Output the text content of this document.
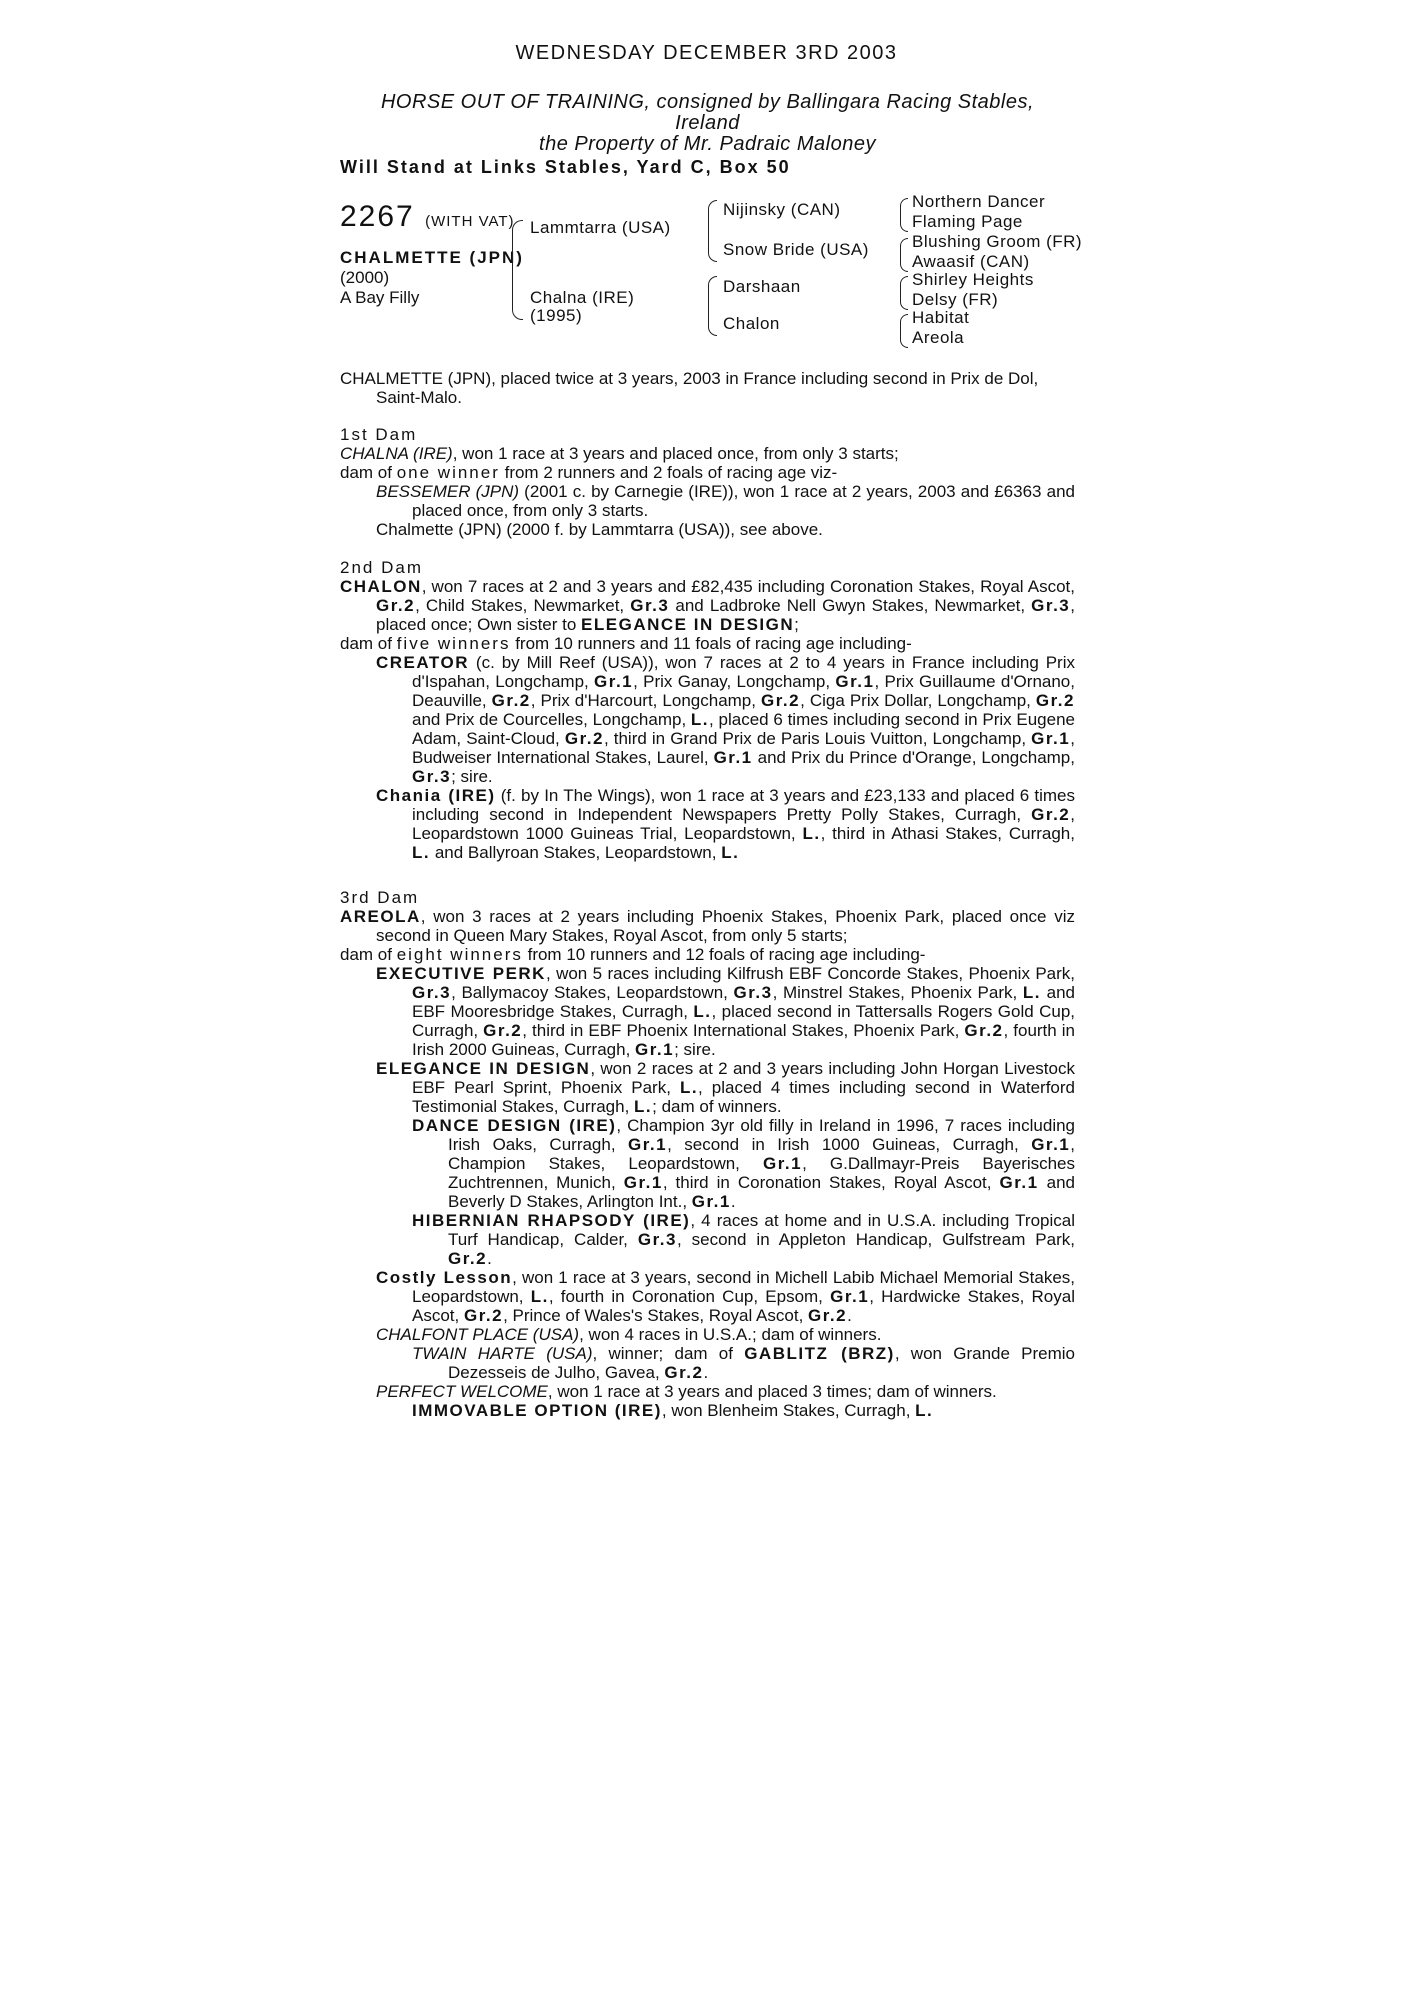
WEDNESDAY DECEMBER 3RD 2003
HORSE OUT OF TRAINING, consigned by Ballingara Racing Stables,
Ireland
the Property of Mr. Padraic Maloney
Will Stand at Links Stables, Yard C, Box 50
2267 (WITH VAT)
CHALMETTE (JPN)
(2000)
A Bay Filly
Lammtarra (USA)
Chalna (IRE)
(1995)
Nijinsky (CAN)
Snow Bride (USA)
Darshaan
Chalon
Northern Dancer
Flaming Page
Blushing Groom (FR)
Awaasif (CAN)
Shirley Heights
Delsy (FR)
Habitat
Areola

CHALMETTE (JPN), placed twice at 3 years, 2003 in France including second in Prix de Dol, Saint-Malo.

1st Dam

CHALNA (IRE), won 1 race at 3 years and placed once, from only 3 starts;

dam of one winner from 2 runners and 2 foals of racing age viz-

BESSEMER (JPN) (2001 c. by Carnegie (IRE)), won 1 race at 2 years, 2003 and £6363 and placed once, from only 3 starts.

Chalmette (JPN) (2000 f. by Lammtarra (USA)), see above.

2nd Dam

CHALON, won 7 races at 2 and 3 years and £82,435 including Coronation Stakes, Royal Ascot, Gr.2, Child Stakes, Newmarket, Gr.3 and Ladbroke Nell Gwyn Stakes, Newmarket, Gr.3, placed once; Own sister to ELEGANCE IN DESIGN;

dam of five winners from 10 runners and 11 foals of racing age including-

CREATOR (c. by Mill Reef (USA)), won 7 races at 2 to 4 years in France including Prix d'Ispahan, Longchamp, Gr.1, Prix Ganay, Longchamp, Gr.1, Prix Guillaume d'Ornano, Deauville, Gr.2, Prix d'Harcourt, Longchamp, Gr.2, Ciga Prix Dollar, Longchamp, Gr.2 and Prix de Courcelles, Longchamp, L., placed 6 times including second in Prix Eugene Adam, Saint-Cloud, Gr.2, third in Grand Prix de Paris Louis Vuitton, Longchamp, Gr.1, Budweiser International Stakes, Laurel, Gr.1 and Prix du Prince d'Orange, Longchamp, Gr.3; sire.

Chania (IRE) (f. by In The Wings), won 1 race at 3 years and £23,133 and placed 6 times including second in Independent Newspapers Pretty Polly Stakes, Curragh, Gr.2, Leopardstown 1000 Guineas Trial, Leopardstown, L., third in Athasi Stakes, Curragh, L. and Ballyroan Stakes, Leopardstown, L.

3rd Dam

AREOLA, won 3 races at 2 years including Phoenix Stakes, Phoenix Park, placed once viz second in Queen Mary Stakes, Royal Ascot, from only 5 starts;

dam of eight winners from 10 runners and 12 foals of racing age including-

EXECUTIVE PERK, won 5 races including Kilfrush EBF Concorde Stakes, Phoenix Park, Gr.3, Ballymacoy Stakes, Leopardstown, Gr.3, Minstrel Stakes, Phoenix Park, L. and EBF Mooresbridge Stakes, Curragh, L., placed second in Tattersalls Rogers Gold Cup, Curragh, Gr.2, third in EBF Phoenix International Stakes, Phoenix Park, Gr.2, fourth in Irish 2000 Guineas, Curragh, Gr.1; sire.

ELEGANCE IN DESIGN, won 2 races at 2 and 3 years including John Horgan Livestock EBF Pearl Sprint, Phoenix Park, L., placed 4 times including second in Waterford Testimonial Stakes, Curragh, L.; dam of winners.

DANCE DESIGN (IRE), Champion 3yr old filly in Ireland in 1996, 7 races including Irish Oaks, Curragh, Gr.1, second in Irish 1000 Guineas, Curragh, Gr.1, Champion Stakes, Leopardstown, Gr.1, G.Dallmayr-Preis Bayerisches Zuchtrennen, Munich, Gr.1, third in Coronation Stakes, Royal Ascot, Gr.1 and Beverly D Stakes, Arlington Int., Gr.1.

HIBERNIAN RHAPSODY (IRE), 4 races at home and in U.S.A. including Tropical Turf Handicap, Calder, Gr.3, second in Appleton Handicap, Gulfstream Park, Gr.2.

Costly Lesson, won 1 race at 3 years, second in Michell Labib Michael Memorial Stakes, Leopardstown, L., fourth in Coronation Cup, Epsom, Gr.1, Hardwicke Stakes, Royal Ascot, Gr.2, Prince of Wales's Stakes, Royal Ascot, Gr.2.

CHALFONT PLACE (USA), won 4 races in U.S.A.; dam of winners.

TWAIN HARTE (USA), winner; dam of GABLITZ (BRZ), won Grande Premio Dezesseis de Julho, Gavea, Gr.2.

PERFECT WELCOME, won 1 race at 3 years and placed 3 times; dam of winners.

IMMOVABLE OPTION (IRE), won Blenheim Stakes, Curragh, L.
